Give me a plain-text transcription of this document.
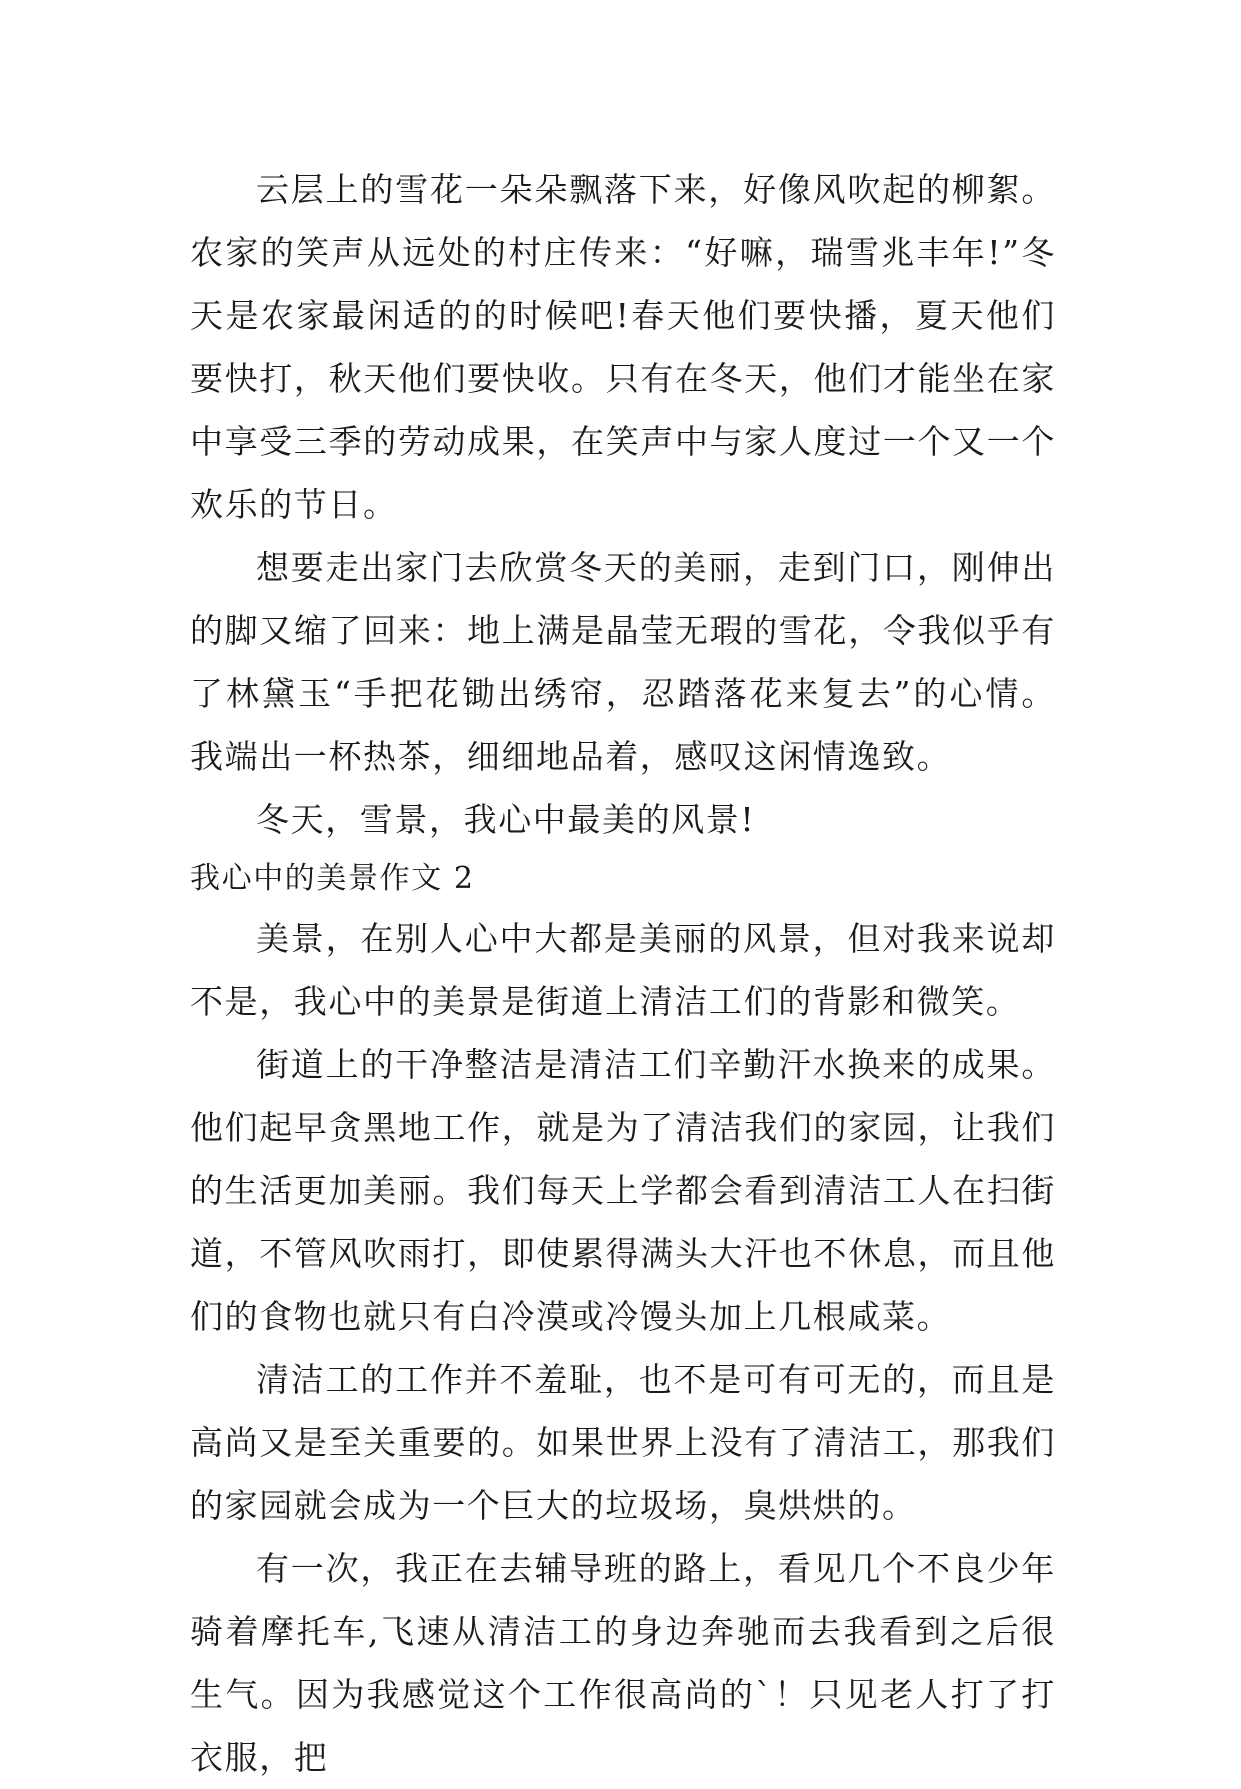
云层上的雪花一朵朵飘落下来，好像风吹起的柳絮。农家的笑声从远处的村庄传来：“好嘛，瑞雪兆丰年!”冬天是农家最闲适的的时候吧!春天他们要快播，夏天他们要快打，秋天他们要快收。只有在冬天，他们才能坐在家中享受三季的劳动成果，在笑声中与家人度过一个又一个欢乐的节日。

想要走出家门去欣赏冬天的美丽，走到门口，刚伸出的脚又缩了回来：地上满是晶莹无瑕的雪花，令我似乎有了林黛玉“手把花锄出绣帘，忍踏落花来复去”的心情。我端出一杯热茶，细细地品着，感叹这闲情逸致。

冬天，雪景，我心中最美的风景!

我心中的美景作文 2

美景，在别人心中大都是美丽的风景，但对我来说却不是，我心中的美景是街道上清洁工们的背影和微笑。

街道上的干净整洁是清洁工们辛勤汗水换来的成果。他们起早贪黑地工作，就是为了清洁我们的家园，让我们的生活更加美丽。我们每天上学都会看到清洁工人在扫街道，不管风吹雨打，即使累得满头大汗也不休息，而且他们的食物也就只有白冷漠或冷馒头加上几根咸菜。

清洁工的工作并不羞耻，也不是可有可无的，而且是高尚又是至关重要的。如果世界上没有了清洁工，那我们的家园就会成为一个巨大的垃圾场，臭烘烘的。

有一次，我正在去辅导班的路上，看见几个不良少年骑着摩托车,飞速从清洁工的身边奔驰而去我看到之后很生气。因为我感觉这个工作很高尚的`！只见老人打了打衣服，把
